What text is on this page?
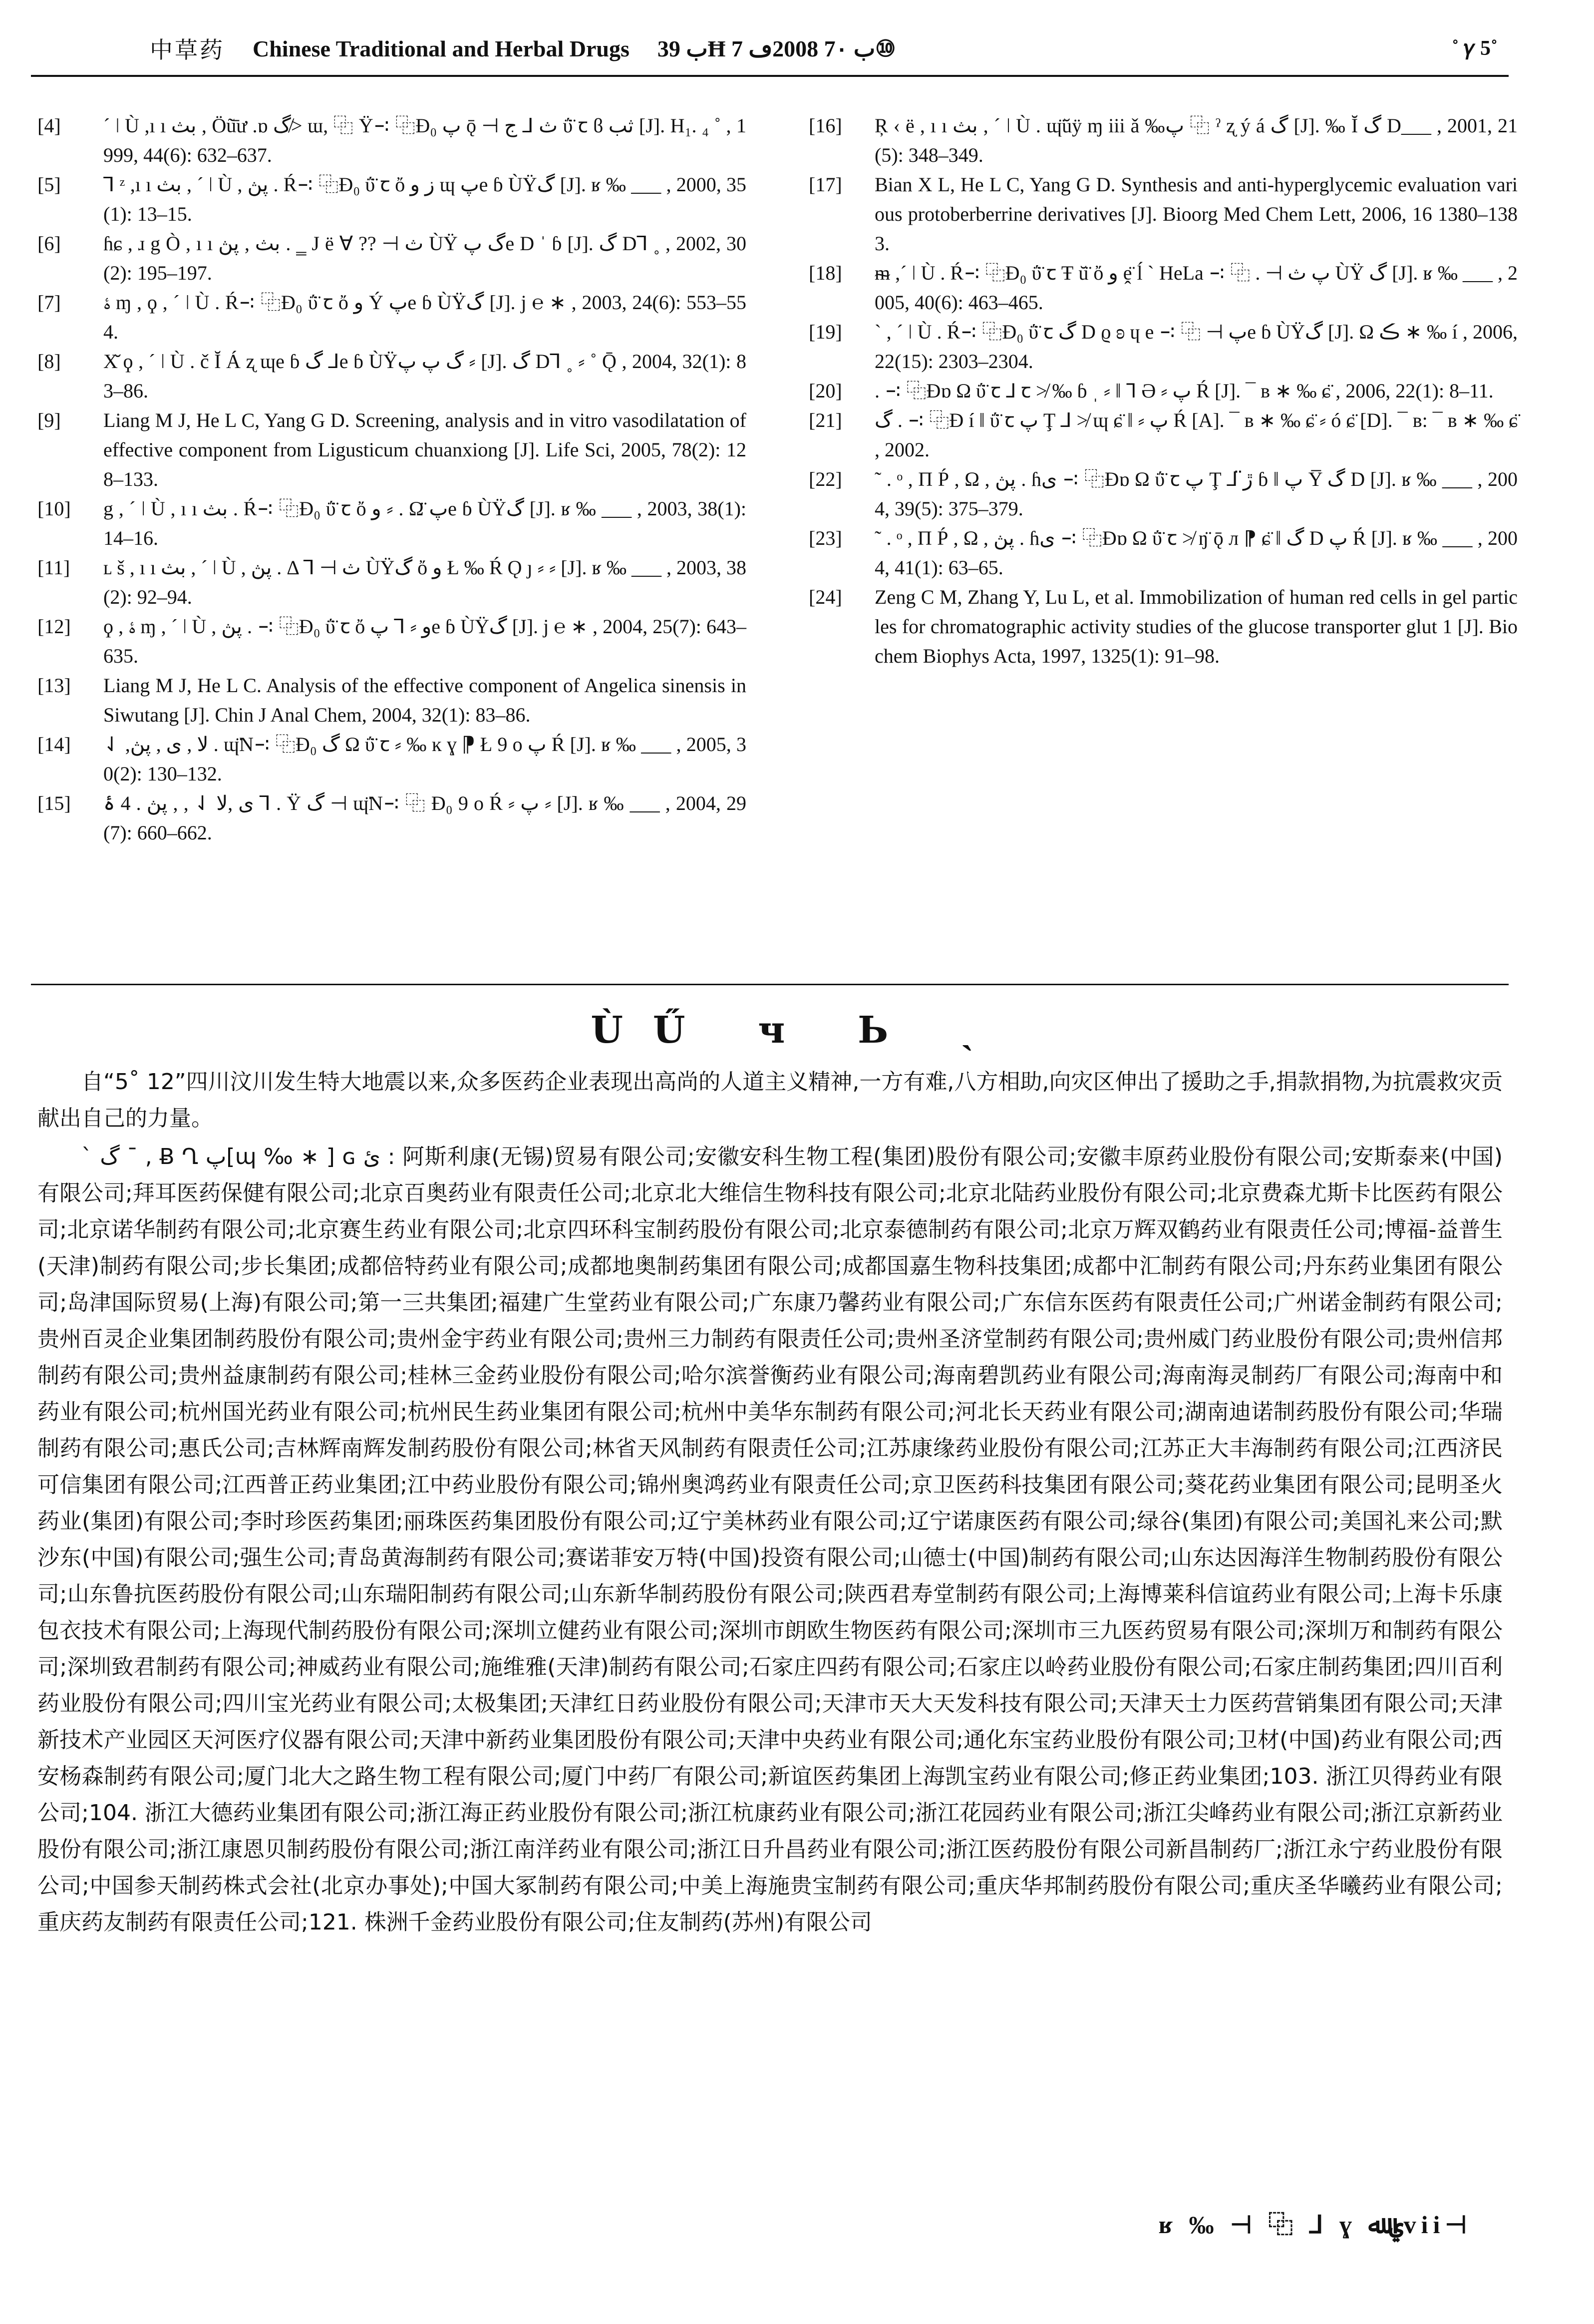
中草药 Chinese Traditional and Herbal Drugs ب 39Ħ ب 7٠ 2008ڡ 7⑩	˚ 𝛾 5˚

[4]	ˊ ǀ Ù ,ı ı بث , Öũ̄ư .ɒ گ≯ ɯ, ⿻ Ÿ∹ ⿻Ɖ₀ پ ǭ ⊣ ث ⅃ ج ΰ̈ ꞇ ϐ ثب [J]. H₁. ₄ ˚ , 1999, 44(6): 632–637.

[5]	⅂ ᶻ ,ı ı بث , ˊ ǀ Ù , پڽ . Ŕ∹ ⿻Ɖ₀ ΰ̈ ꞇ ὄ ز و ɰ پe ɓ ÙŸگ [J]. ʁ ‰ ___ , 2000, 35(1): 13–15.

[6]	ɦɕ , ɹ g Ò , ı ı بث , پڽ . ‗ J ë Ɐ ?? ⊣ ث ÙŸ گ پe D ˈ ɓ [J]. گ D⅂ ˳ , 2002, 30(2): 195–197.

[7]	ﮤ ɱ , ϙ , ˊ ǀ Ù . Ŕ∹ ⿻Ɖ₀ ΰ̈ ꞇ ὄ و Ý پe ɓ ÙŸگ [J]. j ℮ ∗ , 2003, 24(6): 553–554.

[8]	Х̆ ϙ , ˊ ǀ Ù . č Ĭ Á ʐ ɰe ɓ گ ⅃e ɓ ÙŸگ پ پ ⸗ [J]. گ D⅂ ˳ ⸗ ˚ Ǭ , 2004, 32(1): 83–86.

[9]	Liang M J, He L C, Yang G D. Screening, analysis and in vitro vasodilatation of effective component from Ligusticum chuanxiong [J]. Life Sci, 2005, 78(2): 128–133.

[10]	g , ˊ ǀ Ù , ı ı بث . Ŕ∹ ⿻Ɖ₀ ΰ̈ ꞇ ὄ و ⸗ . Ω̈ پe ɓ ÙŸگ [J]. ʁ ‰ ___ , 2003, 38(1): 14–16.

[11]	ʟ š , ı ı بث , ˊ ǀ Ù , پڽ . Δ ⅂ ⊣ ث ÙŸگ ὄ و Ł ‰ Ŕ Ǫ ȷ ⸗ ⸗ [J]. ʁ ‰ ___ , 2003, 38(2): 92–94.

[12]	ϙ , ﮤ ɱ , ˊ ǀ Ù , پڽ . ∹ ⿻Ɖ₀ ΰ̈ ꞇ ὄ و ⸗ ⅂ پe ɓ ÙŸگ [J]. j ℮ ∗ , 2004, 25(7): 643–635.

[13]	Liang M J, He L C. Analysis of the effective component of Angelica sinensis in Siwutang [J]. Chin J Anal Chem, 2004, 32(1): 83–86.

[14]	⇃ ,ﻻ , ى , پڽ . ɰ̈N∹ ⿻Ɖ₀ گ Ω ΰ̈ ꞇ ⸗ ‰ ĸ ɣ ⁋ Ł 9 o پ Ŕ [J]. ʁ ‰ ___ , 2005, 30(2): 130–132.

[15]	ى ,ﻻ ⇃ , , پڽ . 4 ۀ ⅂ . Ÿ گ ⊣ ɰ̈N∹ ⿻ Ɖ₀ 9 o Ŕ ⸗ پ ⸗ [J]. ʁ ‰ ___ , 2004, 29(7): 660–662.

[16]	Ŗ ‹ ë , ı ı بث , ˊ ǀ Ù . ɰ̈ŭÿ ɱ iii ǎ ‰پ ⿻ ˀ ʐ ý á گ [J]. ‰ Ĭ گ D___ , 2001, 21(5): 348–349.

[17]	Bian X L, He L C, Yang G D. Synthesis and anti-hyperglycemic evaluation various protoberberrine derivatives [J]. Bioorg Med Chem Lett, 2006, 16 1380–1383.

[18]	ᵯ ,ˊ ǀ Ù . Ŕ∹ ⿻Ɖ₀ ΰ̈ ꞇ Ŧ ŭ̈ ὄ و ḙ̈ ĺ ˋ HeLa ∹ ⿻ . ⊣ پ ث ÙŸ گ [J]. ʁ ‰ ___ , 2005, 40(6): 463–465.

[19]	ˋ , ˊ ǀ Ù . Ŕ∹ ⿻Ɖ₀ ΰ̈ ꞇ گ D ϱ ʚ ɥ e ∹ ⿻ ⊣ پe ɓ ÙŸگ [J]. Ω ڪ ∗ ‰ í , 2006, 22(15): 2303–2304.

[20]	. ∹ ⿻Ɖɒ Ω ΰ̈ ꞇ ⅃ ꞇ ≯ ‰ ɓ ˌ ⸗ ǁ ⅂ Ə ⸗ پ Ŕ [J]. ¯ ʙ ∗ ‰ ɕ̈ , 2006, 22(1): 8–11.

[21]	گ . ∹ ⿻Ɖ í ǁ ΰ̈ ꞇ پ Ţ ⅃ ≯ ɰ ɕ̈ ǁ ⸗ پ Ŕ [A]. ¯ ʙ ∗ ‰ ɕ̈ ⸗ ó ɕ̈ [D]. ¯ ʙ: ¯ ʙ ∗ ‰ ɕ̈ , 2002.

[22]	˜ . ᵒ , Π Ṕ , Ω , پڽ . ɦى ∹ ⿻Ɖɒ Ω ΰ̈ ꞇ پ Ţ ⅃ ڙ̈ ɓ ǁ پ Y̅ گ D [J]. ʁ ‰ ___ , 2004, 39(5): 375–379.

[23]	˜ . ᵒ , Π Ṕ , Ω , پڽ . ɦى ∹ ⿻Ɖɒ Ω ΰ̈ ꞇ ≯ ŋ̈ ǭ л ⁋ ɕ̈ ǁ گ D پ Ŕ [J]. ʁ ‰ ___ , 2004, 41(1): 63–65.

[24]	Zeng C M, Zhang Y, Lu L, et al. Immobilization of human red cells in gel particles for chromatographic activity studies of the glucose transporter glut 1 [J]. Biochem Biophys Acta, 1997, 1325(1): 91–98.

ÙŰ ч Ь ˎ

自“5˚ 12”四川汶川发生特大地震以来,众多医药企业表现出高尚的人道主义精神,一方有难,八方相助,向灾区伸出了援助之手,捐款捐物,为抗震救灾贡献出自己的力量。

ˋ گ ¯ , Ƀ Ղ پ[ɰ ‰ ∗ ] ɢ ئ : 阿斯利康(无锡)贸易有限公司;安徽安科生物工程(集团)股份有限公司;安徽丰原药业股份有限公司;安斯泰来(中国)有限公司;拜耳医药保健有限公司;北京百奥药业有限责任公司;北京北大维信生物科技有限公司;北京北陆药业股份有限公司;北京费森尤斯卡比医药有限公司;北京诺华制药有限公司;北京赛生药业有限公司;北京四环科宝制药股份有限公司;北京泰德制药有限公司;北京万辉双鹤药业有限责任公司;博福-益普生(天津)制药有限公司;步长集团;成都倍特药业有限公司;成都地奥制药集团有限公司;成都国嘉生物科技集团;成都中汇制药有限公司;丹东药业集团有限公司;岛津国际贸易(上海)有限公司;第一三共集团;福建广生堂药业有限公司;广东康乃馨药业有限公司;广东信东医药有限责任公司;广州诺金制药有限公司;贵州百灵企业集团制药股份有限公司;贵州金宇药业有限公司;贵州三力制药有限责任公司;贵州圣济堂制药有限公司;贵州威门药业股份有限公司;贵州信邦制药有限公司;贵州益康制药有限公司;桂林三金药业股份有限公司;哈尔滨誉衡药业有限公司;海南碧凯药业有限公司;海南海灵制药厂有限公司;海南中和药业有限公司;杭州国光药业有限公司;杭州民生药业集团有限公司;杭州中美华东制药有限公司;河北长天药业有限公司;湖南迪诺制药股份有限公司;华瑞制药有限公司;惠氏公司;吉林辉南辉发制药股份有限公司;林省天风制药有限责任公司;江苏康缘药业股份有限公司;江苏正大丰海制药有限公司;江西济民可信集团有限公司;江西普正药业集团;江中药业股份有限公司;锦州奥鸿药业有限责任公司;京卫医药科技集团有限公司;葵花药业集团有限公司;昆明圣火药业(集团)有限公司;李时珍医药集团;丽珠医药集团股份有限公司;辽宁美林药业有限公司;辽宁诺康医药有限公司;绿谷(集团)有限公司;美国礼来公司;默沙东(中国)有限公司;强生公司;青岛黄海制药有限公司;赛诺菲安万特(中国)投资有限公司;山德士(中国)制药有限公司;山东达因海洋生物制药股份有限公司;山东鲁抗医药股份有限公司;山东瑞阳制药有限公司;山东新华制药股份有限公司;陕西君寿堂制药有限公司;上海博莱科信谊药业有限公司;上海卡乐康包衣技术有限公司;上海现代制药股份有限公司;深圳立健药业有限公司;深圳市朗欧生物医药有限公司;深圳市三九医药贸易有限公司;深圳万和制药有限公司;深圳致君制药有限公司;神威药业有限公司;施维雅(天津)制药有限公司;石家庄四药有限公司;石家庄以岭药业股份有限公司;石家庄制药集团;四川百利药业股份有限公司;四川宝光药业有限公司;太极集团;天津红日药业股份有限公司;天津市天大天发科技有限公司;天津天士力医药营销集团有限公司;天津新技术产业园区天河医疗仪器有限公司;天津中新药业集团股份有限公司;天津中央药业有限公司;通化东宝药业股份有限公司;卫材(中国)药业有限公司;西安杨森制药有限公司;厦门北大之路生物工程有限公司;厦门中药厂有限公司;新谊医药集团上海凯宝药业有限公司;修正药业集团;103. 浙江贝得药业有限公司;104. 浙江大德药业集团有限公司;浙江海正药业股份有限公司;浙江杭康药业有限公司;浙江花园药业有限公司;浙江尖峰药业有限公司;浙江京新药业股份有限公司;浙江康恩贝制药股份有限公司;浙江南洋药业有限公司;浙江日升昌药业有限公司;浙江医药股份有限公司新昌制药厂;浙江永宁药业股份有限公司;中国参天制药株式会社(北京办事处);中国大冢制药有限公司;中美上海施贵宝制药有限公司;重庆华邦制药股份有限公司;重庆圣华曦药业有限公司;重庆药友制药有限责任公司;121. 株洲千金药业股份有限公司;住友制药(苏州)有限公司

ʁ ‰ ⊣ ⿻ ⅃ ɣ ي ﷲvii⊣
